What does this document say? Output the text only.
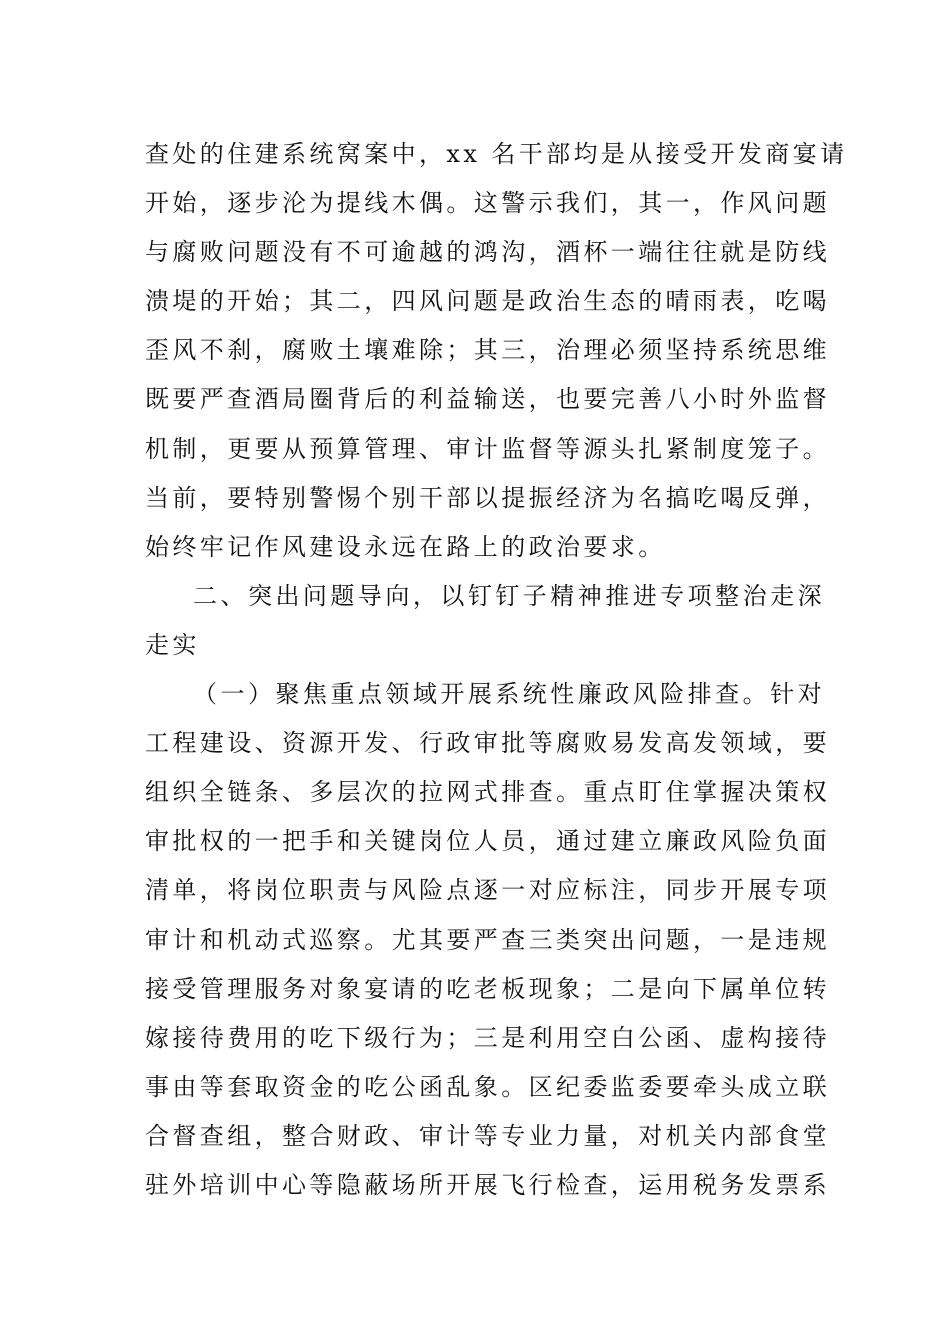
查处的住建系统窝案中，xx 名干部均是从接受开发商宴请
开始，逐步沦为提线木偶。这警示我们，其一，作风问题
与腐败问题没有不可逾越的鸿沟，酒杯一端往往就是防线
溃堤的开始；其二，四风问题是政治生态的晴雨表，吃喝
歪风不刹，腐败土壤难除；其三，治理必须坚持系统思维
既要严查酒局圈背后的利益输送，也要完善八小时外监督
机制，更要从预算管理、审计监督等源头扎紧制度笼子。
当前，要特别警惕个别干部以提振经济为名搞吃喝反弹，
始终牢记作风建设永远在路上的政治要求。
二、突出问题导向，以钉钉子精神推进专项整治走深
走实
（一）聚焦重点领域开展系统性廉政风险排查。针对
工程建设、资源开发、行政审批等腐败易发高发领域，要
组织全链条、多层次的拉网式排查。重点盯住掌握决策权
审批权的一把手和关键岗位人员，通过建立廉政风险负面
清单，将岗位职责与风险点逐一对应标注，同步开展专项
审计和机动式巡察。尤其要严查三类突出问题，一是违规
接受管理服务对象宴请的吃老板现象；二是向下属单位转
嫁接待费用的吃下级行为；三是利用空白公函、虚构接待
事由等套取资金的吃公函乱象。区纪委监委要牵头成立联
合督查组，整合财政、审计等专业力量，对机关内部食堂
驻外培训中心等隐蔽场所开展飞行检查，运用税务发票系
